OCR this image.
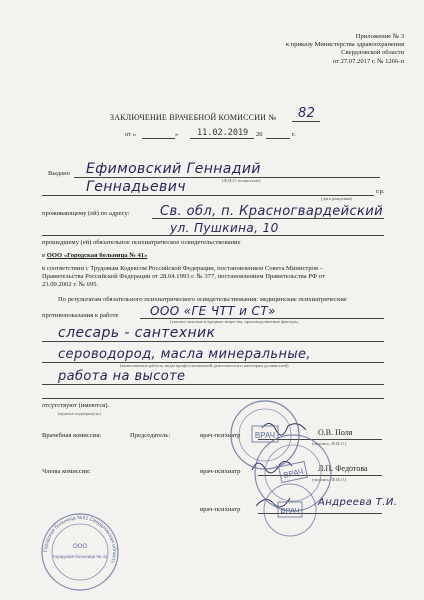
Приложение № 3
к приказу Министерства здравоохранения
Свердловской области
от 27.07.2017 г. № 1266-п
ЗАКЛЮЧЕНИЕ ВРАЧЕБНОЙ КОМИССИИ № 82
от «	» 11.02.2019 20	г.
Выдано Ефимовский Геннадий
(Ф.И.О. полностью)
Геннадьевич	г.р.
(дата рождения)
проживающему (ей) по адресу: Св. обл, п. Красногвардейский
ул. Пушкина, 10
прошедшему (ей) обязательное психиатрическое освидетельствование
в ООО «Городская больница № 41»
в соответствии с Трудовым Кодексом Российской Федерации, постановлением Совета Министров –
Правительства Российской Федерации от 28.04.1993 г. № 377, постановлением Правительства РФ от
23.09.2002 г. № 695.
По результатам обязательного психиатрического освидетельствования: медицинские психиатрические
противопоказания к работе	ООО «ГЕ ЧТТ и СТ»
(указать опасные и вредные вещества, производственные факторы,
слесарь - сантехник
сероводород, масла минеральные,
(выполняемые работы, виды профессиональной деятельности и категории должностей)
работа на высоте
отсутствуют (имеются).
(нужное подчеркнуть)
Врачебная комиссия:	Председатель:	врач-психиатр	О.В. Поля
(подпись, Ф.И.О.)
Члены комиссии:	врач-психиатр	Л.П. Федотова
(подпись, Ф.И.О.)
врач-психиатр
Андреева Т.И.
ВРАЧ
ВРАЧ
ВРАЧ
Городская больница №41 Свердловская область
ООО
Городская больница № 41
